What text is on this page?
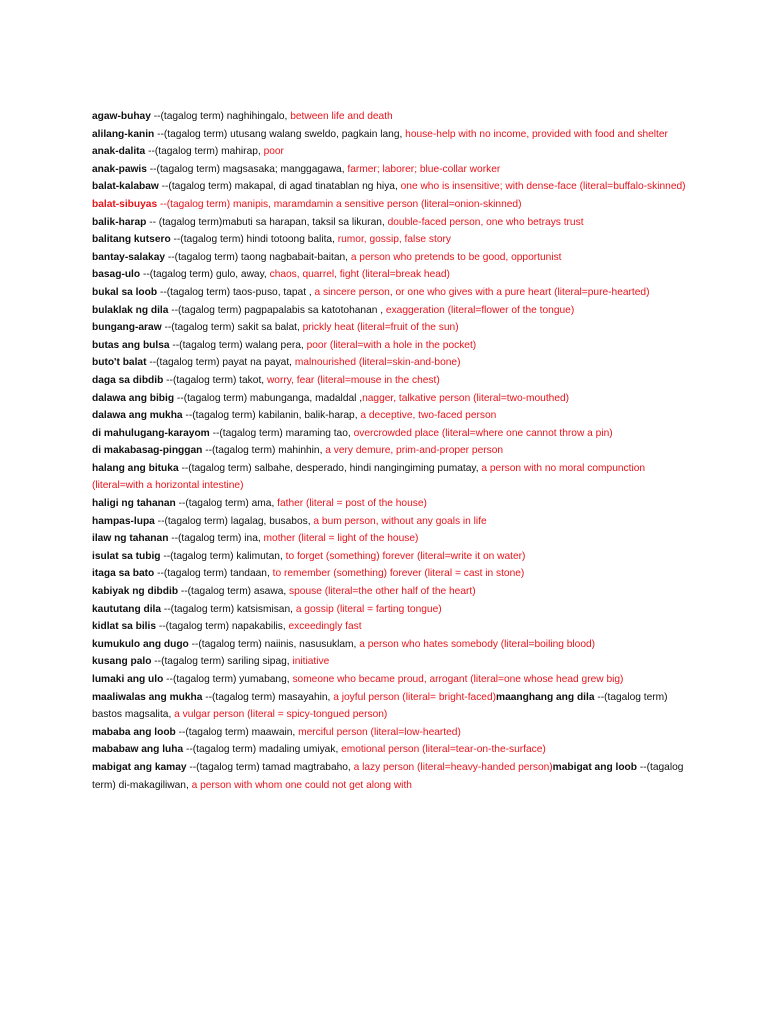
agaw-buhay --(tagalog term) naghihingalo, between life and death

alilang-kanin --(tagalog term) utusang walang sweldo, pagkain lang, house-help with no income, provided with food and shelter

anak-dalita --(tagalog term) mahirap, poor

anak-pawis --(tagalog term) magsasaka; manggagawa, farmer; laborer; blue-collar worker

balat-kalabaw --(tagalog term) makapal, di agad tinatablan ng hiya, one who is insensitive; with dense-face (literal=buffalo-skinned)

balat-sibuyas --(tagalog term) manipis, maramdamin a sensitive person (literal=onion-skinned)

balik-harap -- (tagalog term)mabuti sa harapan, taksil sa likuran, double-faced person, one who betrays trust

balitang kutsero --(tagalog term) hindi totoong balita, rumor, gossip, false story

bantay-salakay --(tagalog term) taong nagbabait-baitan, a person who pretends to be good, opportunist

basag-ulo --(tagalog term) gulo, away, chaos, quarrel, fight (literal=break head)

bukal sa loob --(tagalog term) taos-puso, tapat , a sincere person, or one who gives with a pure heart (literal=pure-hearted)

bulaklak ng dila --(tagalog term) pagpapalabis sa katotohanan , exaggeration (literal=flower of the tongue)

bungang-araw --(tagalog term) sakit sa balat, prickly heat (literal=fruit of the sun)

butas ang bulsa --(tagalog term) walang pera, poor (literal=with a hole in the pocket)

buto't balat --(tagalog term) payat na payat, malnourished (literal=skin-and-bone)

daga sa dibdib --(tagalog term) takot, worry, fear (literal=mouse in the chest)

dalawa ang bibig --(tagalog term) mabunganga, madaldal ,nagger, talkative person (literal=two-mouthed)

dalawa ang mukha --(tagalog term) kabilanin, balik-harap, a deceptive, two-faced person

di mahulugang-karayom --(tagalog term) maraming tao, overcrowded place (literal=where one cannot throw a pin)

di makabasag-pinggan --(tagalog term) mahinhin, a very demure, prim-and-proper person

halang ang bituka --(tagalog term) salbahe, desperado, hindi nangingiming pumatay, a person with no moral compunction (literal=with a horizontal intestine)

haligi ng tahanan --(tagalog term) ama, father (literal = post of the house)

hampas-lupa --(tagalog term) lagalag, busabos, a bum person, without any goals in life

ilaw ng tahanan --(tagalog term) ina, mother (literal = light of the house)

isulat sa tubig --(tagalog term) kalimutan, to forget (something) forever (literal=write it on water)

itaga sa bato --(tagalog term) tandaan, to remember (something) forever (literal = cast in stone)

kabiyak ng dibdib --(tagalog term) asawa, spouse (literal=the other half of the heart)

kaututang dila --(tagalog term) katsismisan, a gossip (literal = farting tongue)

kidlat sa bilis --(tagalog term) napakabilis, exceedingly fast

kumukulo ang dugo --(tagalog term) naiinis, nasusuklam, a person who hates somebody (literal=boiling blood)

kusang palo --(tagalog term) sariling sipag, initiative

lumaki ang ulo --(tagalog term) yumabang, someone who became proud, arrogant (literal=one whose head grew big)

maaliwalas ang mukha --(tagalog term) masayahin, a joyful person (literal= bright-faced)maanghang ang dila --(tagalog term) bastos magsalita, a vulgar person (literal = spicy-tongued person)

mababa ang loob --(tagalog term) maawain, merciful person (literal=low-hearted)

mababaw ang luha --(tagalog term) madaling umiyak, emotional person (literal=tear-on-the-surface)

mabigat ang kamay --(tagalog term) tamad magtrabaho, a lazy person (literal=heavy-handed person)mabigat ang loob --(tagalog term) di-makagiliwan, a person with whom one could not get along with
